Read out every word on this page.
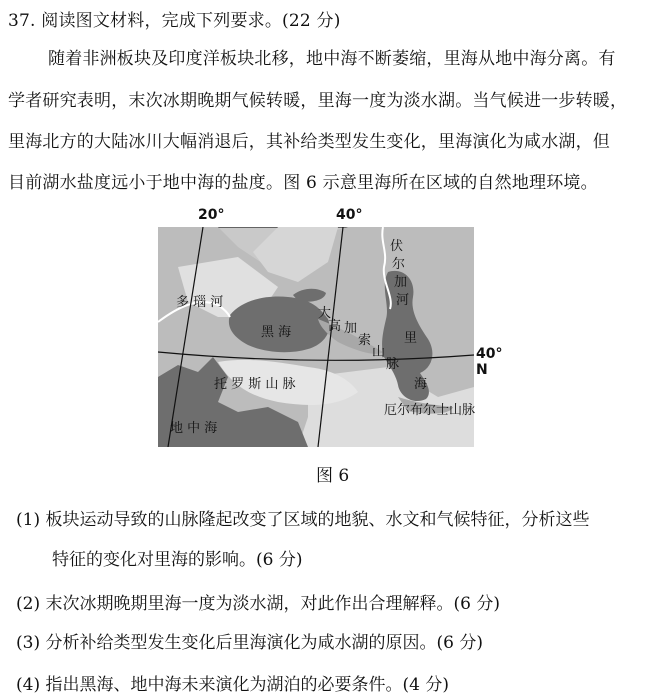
37. 阅读图文材料，完成下列要求。(22 分)
随着非洲板块及印度洋板块北移，地中海不断萎缩，里海从地中海分离。有
学者研究表明，末次冰期晚期气候转暖，里海一度为淡水湖。当气候进一步转暖，
里海北方的大陆冰川大幅消退后，其补给类型发生变化，里海演化为咸水湖，但
目前湖水盐度远小于地中海的盐度。图 6 示意里海所在区域的自然地理环境。
20°	40°
40° N
多 瑙 河
黑 海
伏
尔
加
河
里
海
大
高 加
索
山
脉
托 罗 斯 山 脉
厄尔布尔士山脉
地 中 海
图 6
(1) 板块运动导致的山脉隆起改变了区域的地貌、水文和气候特征，分析这些
特征的变化对里海的影响。(6 分)
(2) 末次冰期晚期里海一度为淡水湖，对此作出合理解释。(6 分)
(3) 分析补给类型发生变化后里海演化为咸水湖的原因。(6 分)
(4) 指出黑海、地中海未来演化为湖泊的必要条件。(4 分)
